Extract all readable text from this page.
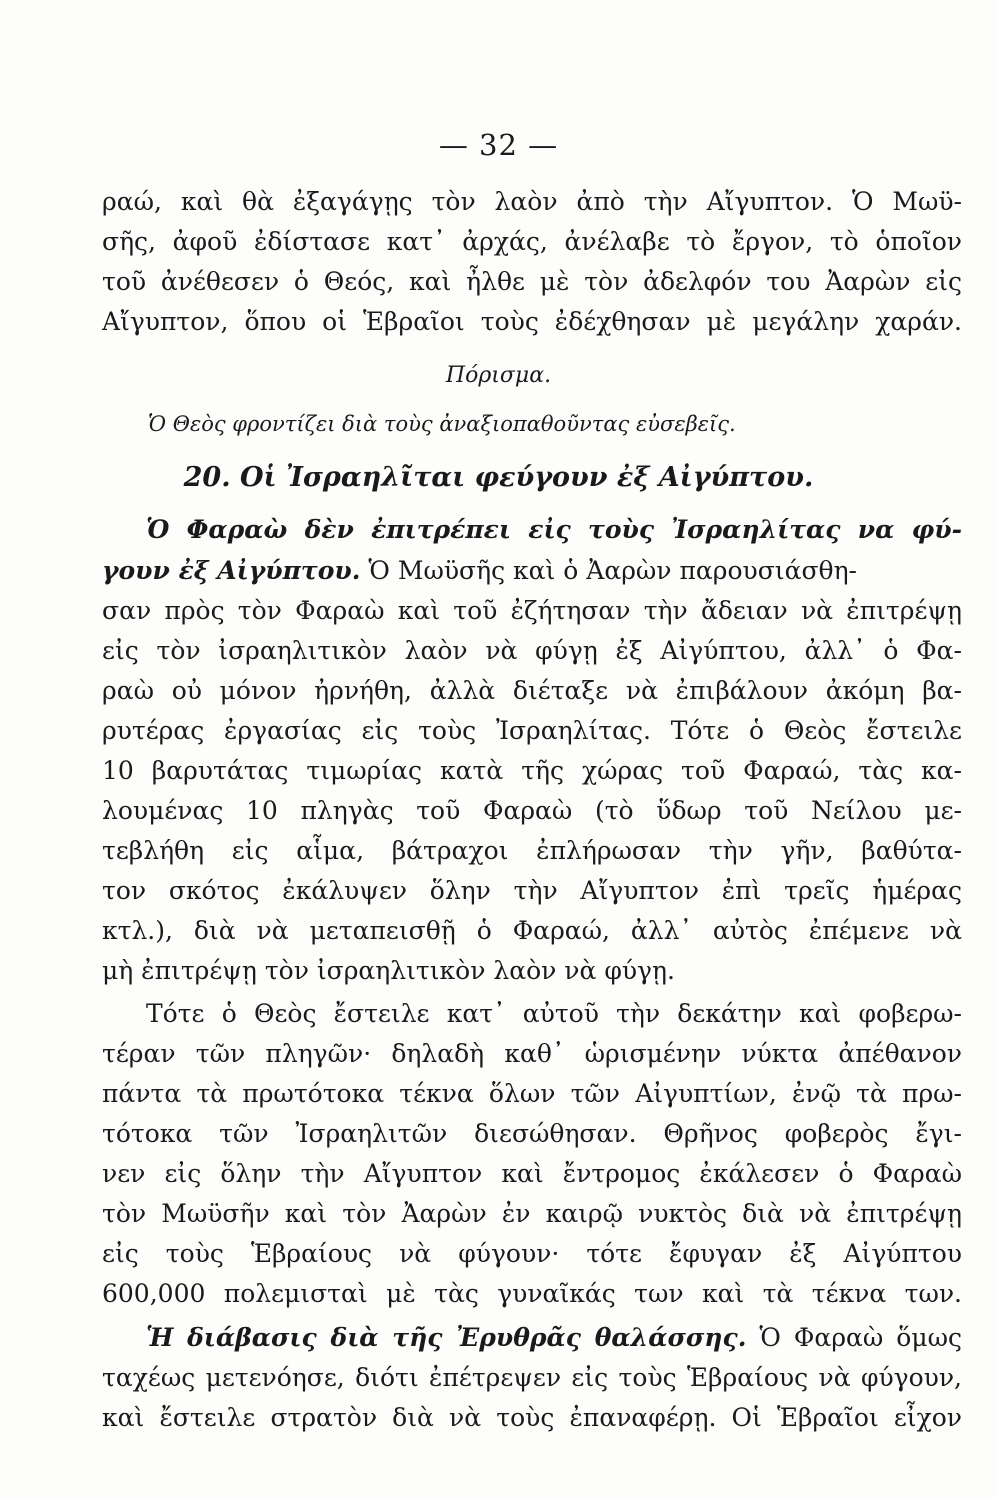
— 32 —
ραώ, καὶ θὰ ἐξαγάγῃς τὸν λαὸν ἀπὸ τὴν Αἴγυπτον. Ὁ Μωϋ-
σῆς, ἀφοῦ ἐδίστασε κατ᾽ ἀρχάς, ἀνέλαβε τὸ ἔργον, τὸ ὁποῖον
τοῦ ἀνέθεσεν ὁ Θεός, καὶ ἦλθε μὲ τὸν ἀδελφόν του Ἀαρὼν εἰς
Αἴγυπτον, ὅπου οἱ Ἑβραῖοι τοὺς ἐδέχθησαν μὲ μεγάλην χαράν.
Πόρισμα.
Ὁ Θεὸς φροντίζει διὰ τοὺς ἀναξιοπαθοῦντας εὐσεβεῖς.
20. Οἱ Ἰσραηλῖται φεύγουν ἐξ Αἰγύπτου.
Ὁ Φαραὼ δὲν ἐπιτρέπει εἰς τοὺς Ἰσραηλίτας να φύ-
γουν ἐξ Αἰγύπτου. Ὁ Μωϋσῆς καὶ ὁ Ἀαρὼν παρουσιάσθη-
σαν πρὸς τὸν Φαραὼ καὶ τοῦ ἐζήτησαν τὴν ἄδειαν νὰ ἐπιτρέψῃ
εἰς τὸν ἰσραηλιτικὸν λαὸν νὰ φύγῃ ἐξ Αἰγύπτου, ἀλλ᾽ ὁ Φα-
ραὼ οὐ μόνον ἠρνήθη, ἀλλὰ διέταξε νὰ ἐπιβάλουν ἀκόμη βα-
ρυτέρας ἐργασίας εἰς τοὺς Ἰσραηλίτας. Τότε ὁ Θεὸς ἔστειλε
10 βαρυτάτας τιμωρίας κατὰ τῆς χώρας τοῦ Φαραώ, τὰς κα-
λουμένας 10 πληγὰς τοῦ Φαραὼ (τὸ ὕδωρ τοῦ Νείλου με-
τεβλήθη εἰς αἷμα, βάτραχοι ἐπλήρωσαν τὴν γῆν, βαθύτα-
τον σκότος ἐκάλυψεν ὅλην τὴν Αἴγυπτον ἐπὶ τρεῖς ἡμέρας
κτλ.), διὰ νὰ μεταπεισθῇ ὁ Φαραώ, ἀλλ᾽ αὐτὸς ἐπέμενε νὰ
μὴ ἐπιτρέψῃ τὸν ἰσραηλιτικὸν λαὸν νὰ φύγῃ.
Τότε ὁ Θεὸς ἔστειλε κατ᾽ αὐτοῦ τὴν δεκάτην καὶ φοβερω-
τέραν τῶν πληγῶν· δηλαδὴ καθ᾽ ὡρισμένην νύκτα ἀπέθανον
πάντα τὰ πρωτότοκα τέκνα ὅλων τῶν Αἰγυπτίων, ἐνῷ τὰ πρω-
τότοκα τῶν Ἰσραηλιτῶν διεσώθησαν. Θρῆνος φοβερὸς ἔγι-
νεν εἰς ὅλην τὴν Αἴγυπτον καὶ ἔντρομος ἐκάλεσεν ὁ Φαραὼ
τὸν Μωϋσῆν καὶ τὸν Ἀαρὼν ἐν καιρῷ νυκτὸς διὰ νὰ ἐπιτρέψῃ
εἰς τοὺς Ἑβραίους νὰ φύγουν· τότε ἔφυγαν ἐξ Αἰγύπτου
600,000 πολεμισταὶ μὲ τὰς γυναῖκάς των καὶ τὰ τέκνα των.
Ἡ διάβασις διὰ τῆς Ἐρυθρᾶς θαλάσσης. Ὁ Φαραὼ ὅμως
ταχέως μετενόησε, διότι ἐπέτρεψεν εἰς τοὺς Ἑβραίους νὰ φύγουν,
καὶ ἔστειλε στρατὸν διὰ νὰ τοὺς ἐπαναφέρῃ. Οἱ Ἑβραῖοι εἶχον
